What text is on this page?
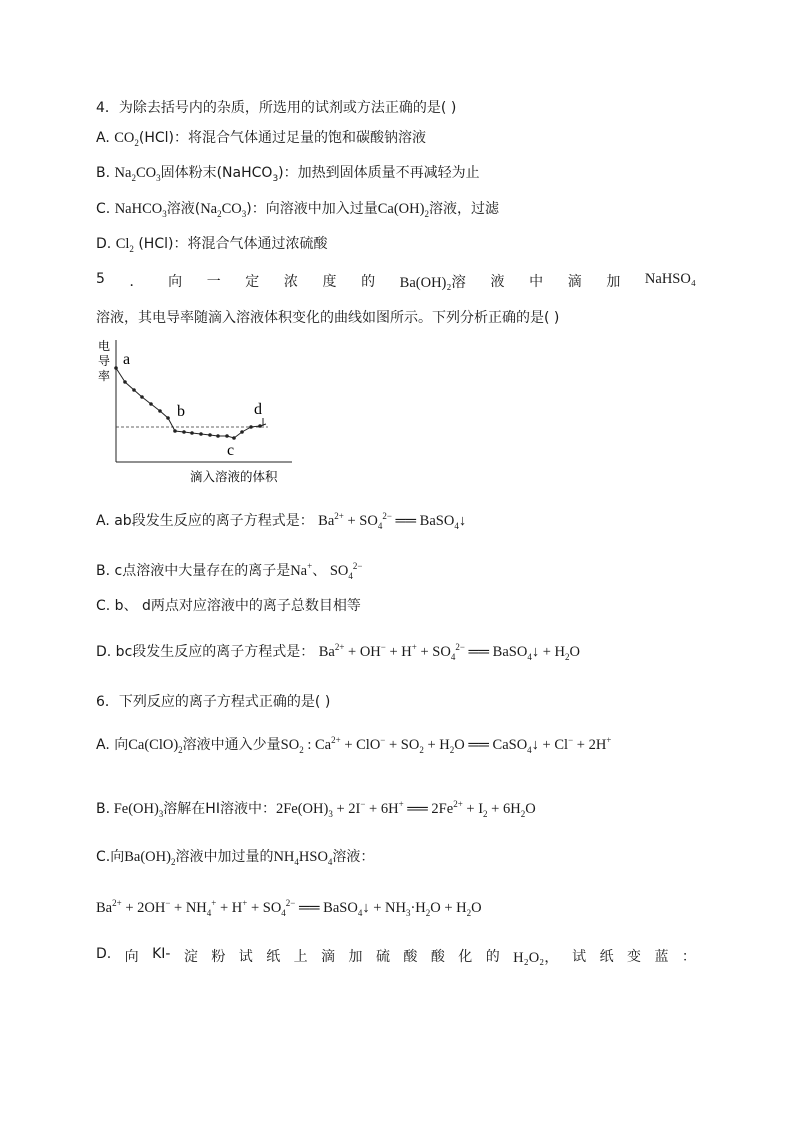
4．为除去括号内的杂质，所选用的试剂或方法正确的是( )
A. $CO_2(HCl)$：将混合气体通过足量的饱和碳酸钠溶液
B. $Na_2CO_3$固体粉末(NaHCO$_3$)：加热到固体质量不再减轻为止
C. NaHCO$_3$溶液$(Na_2CO_3)$：向溶液中加入过量$Ca(OH)_2$溶液，过滤
D. $Cl_2$ (HCl)：将混合气体通过浓硫酸
5 ． 向 一 定 浓 度 的 Ba(OH)₂溶 液 中 滴 加 NaHSO₄
溶液，其电导率随滴入溶液体积变化的曲线如图所示。下列分析正确的是( )
电
导
率
a
b
c
d
滴入溶液的体积
A. ab段发生反应的离子方程式是： $Ba^{2+} + SO_4^{2-}$ ══ BaSO$_4$↓
B. c点溶液中大量存在的离子是Na+、 $SO_4^{2-}$
C. b、 d两点对应溶液中的离子总数目相等
D. bc段发生反应的离子方程式是： $Ba^{2+} + OH^- + H^+ + SO_4^{2-}$ ══ BaSO$_4$↓ + $H_2O$
6．下列反应的离子方程式正确的是( )
A. 向$Ca(ClO)_2$溶液中通入少量$SO_2$ : $Ca^{2+} + ClO^- + SO_2 + H_2O$ ══ CaSO$_4$↓ + Cl− + 2H+
B. $Fe(OH)_3$溶解在HI溶液中：$2Fe(OH)_3 + 2I^- + 6H^+$ ══ $2Fe^{2+} + I_2 + 6H_2O$
C.向$Ba(OH)_2$溶液中加过量的$NH_4HSO_4$溶液：
$Ba^{2+} + 2OH^- + NH_4^+ + H^+ + SO_4^{2-}$ ══ BaSO$_4$↓ + $NH_3\cdot H_2O + H_2O$
D. 向 KI- 淀 粉 试 纸 上 滴 加 硫 酸 酸 化 的 H₂O₂， 试 纸 变 蓝 ：
